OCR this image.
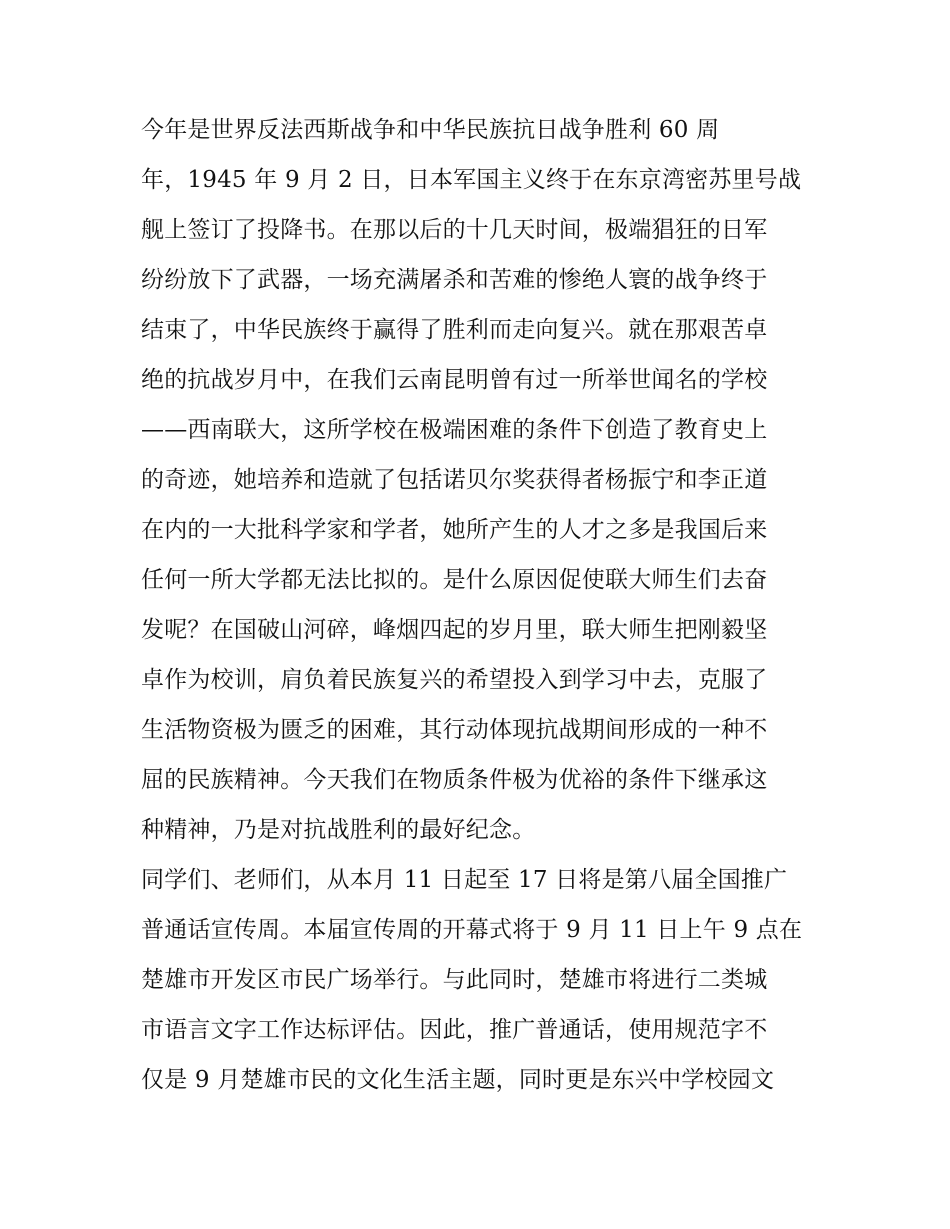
今年是世界反法西斯战争和中华民族抗日战争胜利 60 周
年，1945 年 9 月 2 日，日本军国主义终于在东京湾密苏里号战
舰上签订了投降书。在那以后的十几天时间，极端猖狂的日军
纷纷放下了武器，一场充满屠杀和苦难的惨绝人寰的战争终于
结束了，中华民族终于赢得了胜利而走向复兴。就在那艰苦卓
绝的抗战岁月中，在我们云南昆明曾有过一所举世闻名的学校
——西南联大，这所学校在极端困难的条件下创造了教育史上
的奇迹，她培养和造就了包括诺贝尔奖获得者杨振宁和李正道
在内的一大批科学家和学者，她所产生的人才之多是我国后来
任何一所大学都无法比拟的。是什么原因促使联大师生们去奋
发呢？在国破山河碎，峰烟四起的岁月里，联大师生把刚毅坚
卓作为校训，肩负着民族复兴的希望投入到学习中去，克服了
生活物资极为匮乏的困难，其行动体现抗战期间形成的一种不
屈的民族精神。今天我们在物质条件极为优裕的条件下继承这
种精神，乃是对抗战胜利的最好纪念。
同学们、老师们，从本月 11 日起至 17 日将是第八届全国推广
普通话宣传周。本届宣传周的开幕式将于 9 月 11 日上午 9 点在
楚雄市开发区市民广场举行。与此同时，楚雄市将进行二类城
市语言文字工作达标评估。因此，推广普通话，使用规范字不
仅是 9 月楚雄市民的文化生活主题，同时更是东兴中学校园文
